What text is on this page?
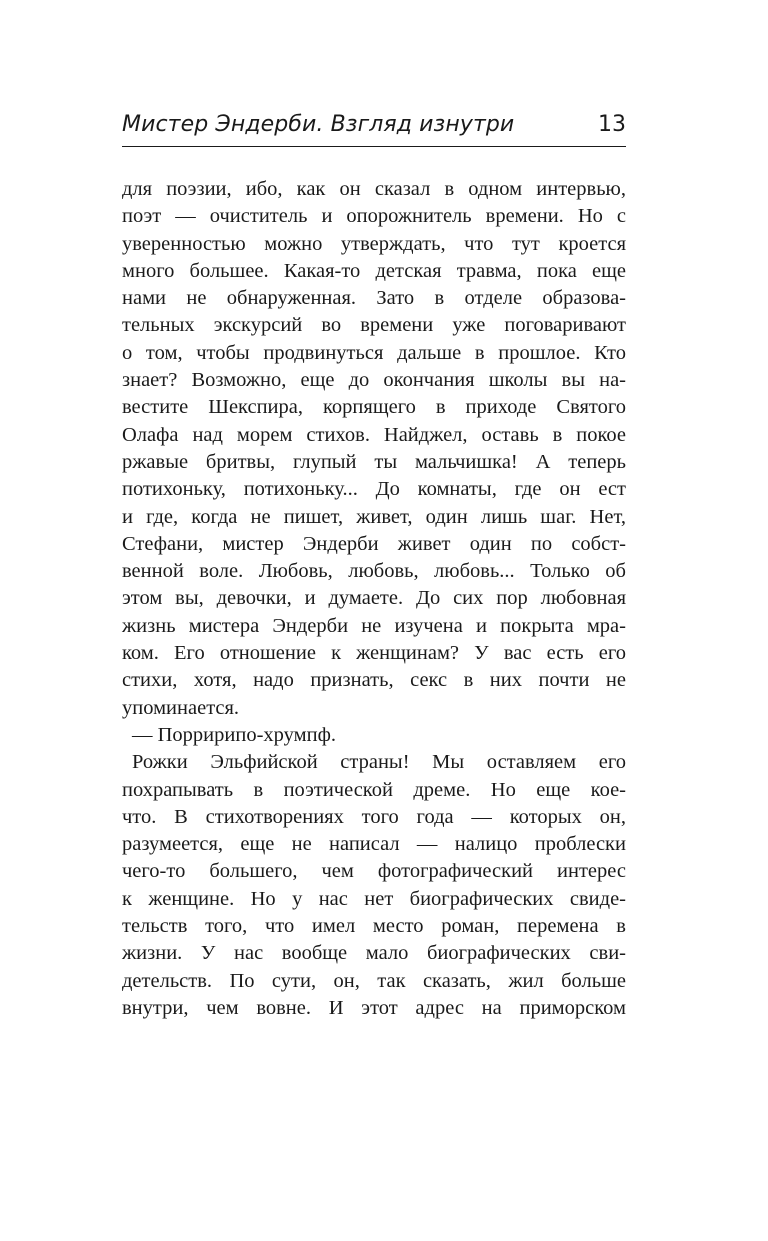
Мистер Эндерби. Взгляд изнутри	13
для поэзии, ибо, как он сказал в одном интервью,
поэт — очиститель и опорожнитель времени. Но с
уверенностью можно утверждать, что тут кроется
много большее. Какая-то детская травма, пока еще
нами не обнаруженная. Зато в отделе образова-
тельных экскурсий во времени уже поговаривают
о том, чтобы продвинуться дальше в прошлое. Кто
знает? Возможно, еще до окончания школы вы на-
вестите Шекспира, корпящего в приходе Святого
Олафа над морем стихов. Найджел, оставь в покое
ржавые бритвы, глупый ты мальчишка! А теперь
потихоньку, потихоньку... До комнаты, где он ест
и где, когда не пишет, живет, один лишь шаг. Нет,
Стефани, мистер Эндерби живет один по собст-
венной воле. Любовь, любовь, любовь... Только об
этом вы, девочки, и думаете. До сих пор любовная
жизнь мистера Эндерби не изучена и покрыта мра-
ком. Его отношение к женщинам? У вас есть его
стихи, хотя, надо признать, секс в них почти не
упоминается.
— Порририпо-хрумпф.
Рожки Эльфийской страны! Мы оставляем его
похрапывать в поэтической дреме. Но еще кое-
что. В стихотворениях того года — которых он,
разумеется, еще не написал — налицо проблески
чего-то большего, чем фотографический интерес
к женщине. Но у нас нет биографических свиде-
тельств того, что имел место роман, перемена в
жизни. У нас вообще мало биографических сви-
детельств. По сути, он, так сказать, жил больше
внутри, чем вовне. И этот адрес на приморском
